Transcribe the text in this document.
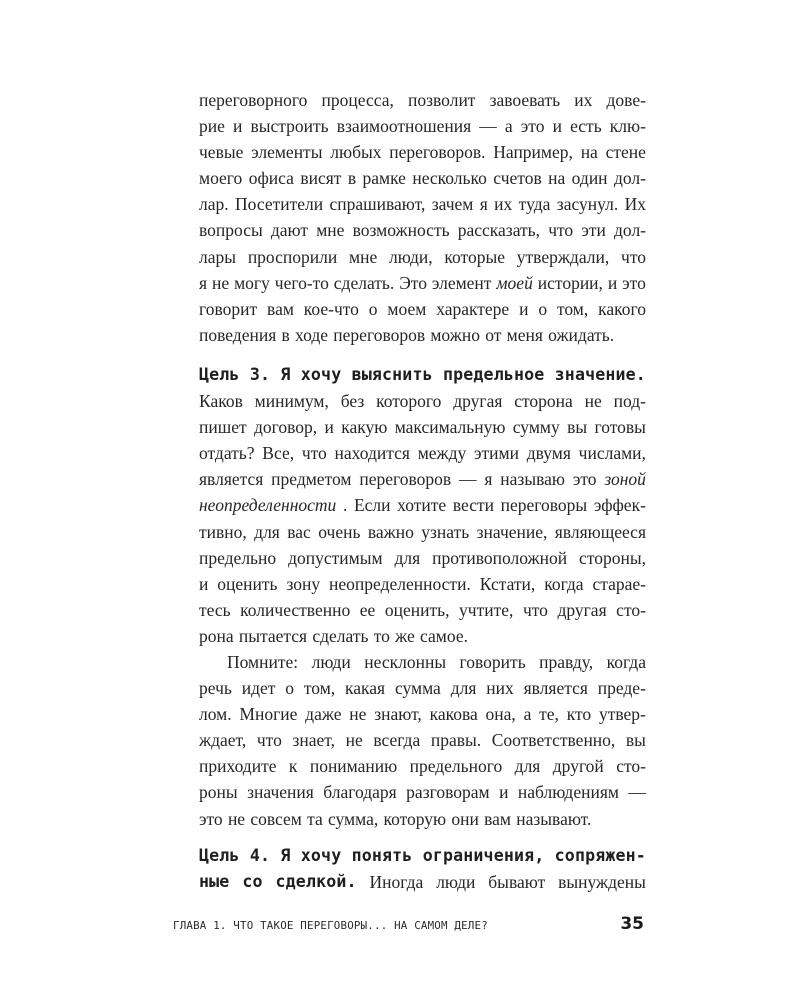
переговорного процесса, позволит завоевать их дове-
рие и выстроить взаимоотношения — а это и есть клю-
чевые элементы любых переговоров. Например, на стене
моего офиса висят в рамке несколько счетов на один дол-
лар. Посетители спрашивают, зачем я их туда засунул. Их
вопросы дают мне возможность рассказать, что эти дол-
лары проспорили мне люди, которые утверждали, что
я не могу чего-то сделать. Это элемент моей истории, и это
говорит вам кое-что о моем характере и о том, какого
поведения в ходе переговоров можно от меня ожидать.
Цель 3. Я хочу выяснить предельное значение.
Каков минимум, без которого другая сторона не под-
пишет договор, и какую максимальную сумму вы готовы
отдать? Все, что находится между этими двумя числами,
является предметом переговоров — я называю это зоной
неопределенности . Если хотите вести переговоры эффек-
тивно, для вас очень важно узнать значение, являющееся
предельно допустимым для противоположной стороны,
и оценить зону неопределенности. Кстати, когда старае-
тесь количественно ее оценить, учтите, что другая сто-
рона пытается сделать то же самое.
Помните: люди несклонны говорить правду, когда
речь идет о том, какая сумма для них является преде-
лом. Многие даже не знают, какова она, а те, кто утвер-
ждает, что знает, не всегда правы. Соответственно, вы
приходите к пониманию предельного для другой сто-
роны значения благодаря разговорам и наблюдениям —
это не совсем та сумма, которую они вам называют.
Цель 4. Я хочу понять ограничения, сопряжен-
ные со сделкой. Иногда люди бывают вынуждены
ГЛАВА 1. ЧТО ТАКОЕ ПЕРЕГОВОРЫ... НА САМОМ ДЕЛЕ?	35
